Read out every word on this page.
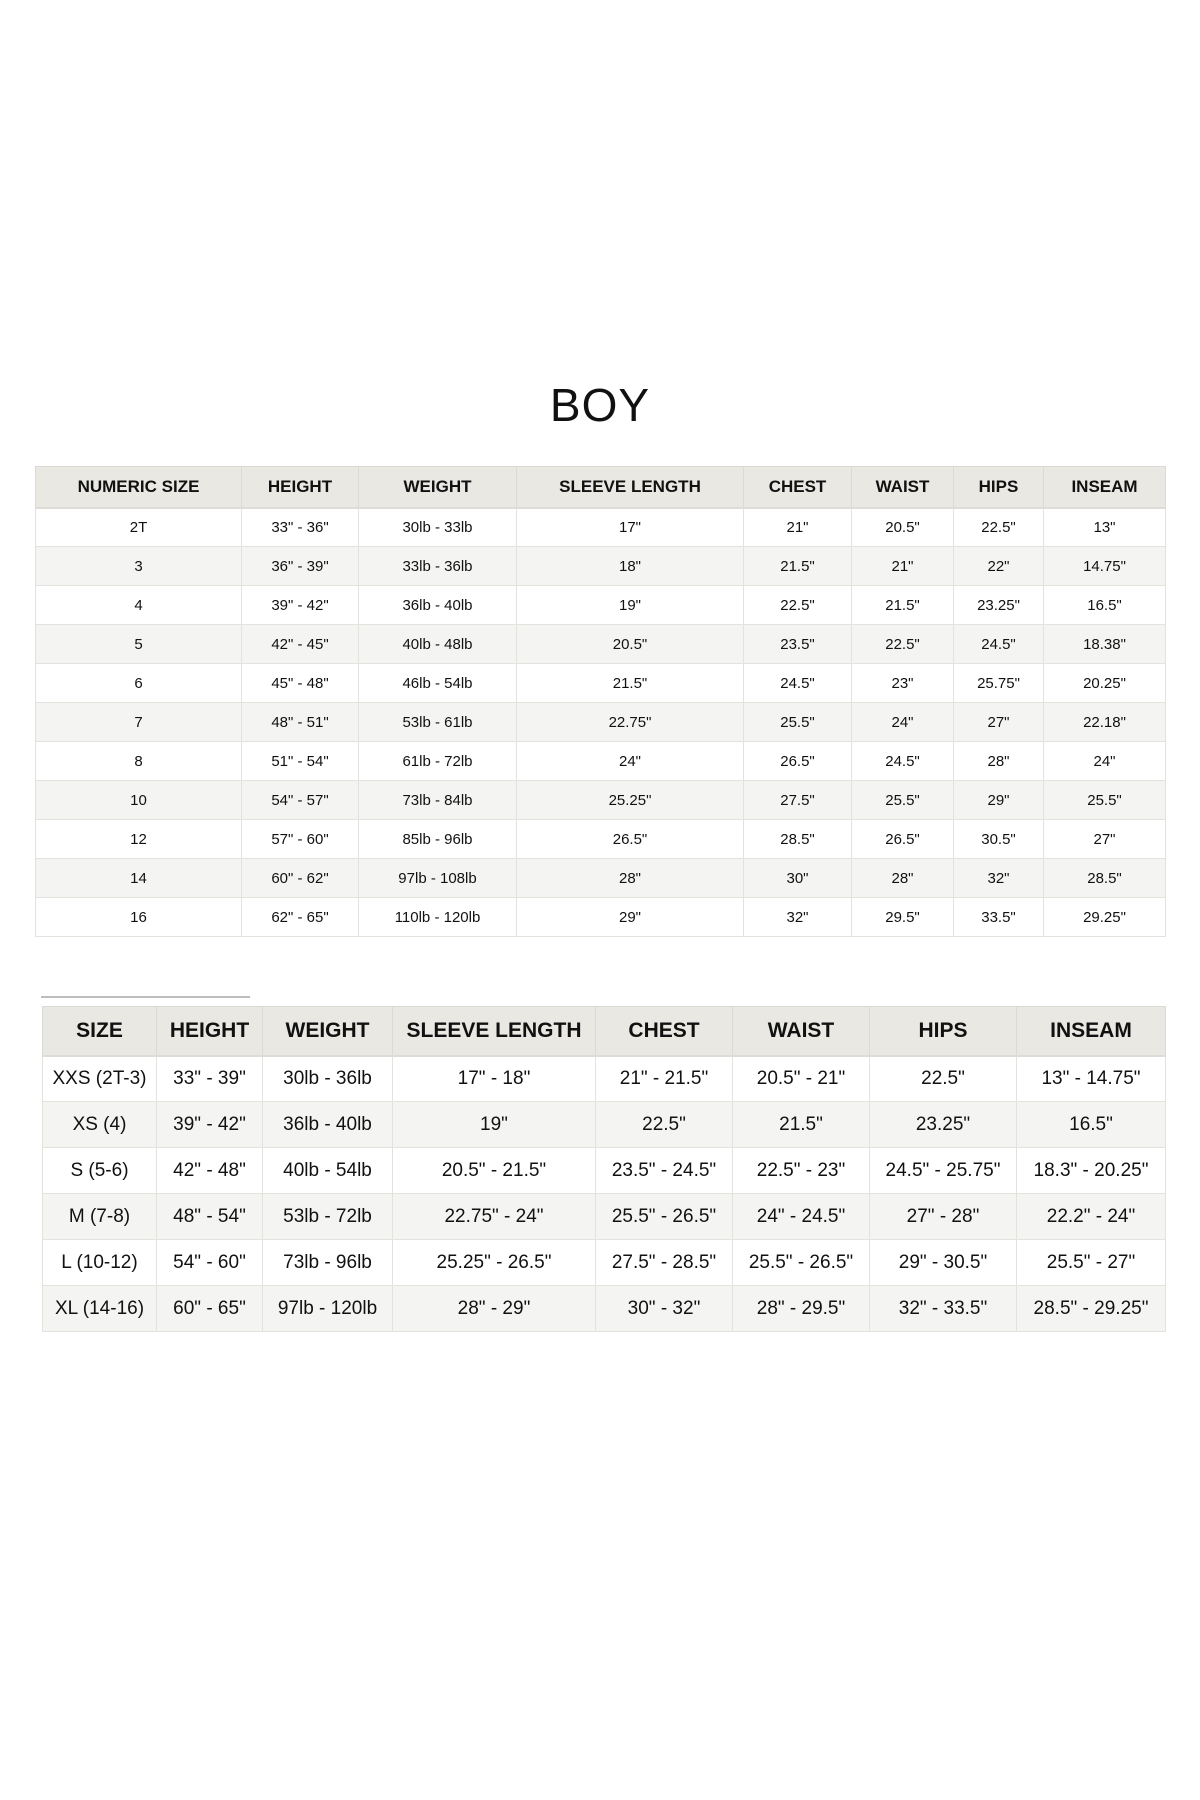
BOY
NUMERIC SIZE	HEIGHT	WEIGHT	SLEEVE LENGTH	CHEST	WAIST	HIPS	INSEAM
2T	33" - 36"	30lb - 33lb	17"	21"	20.5"	22.5"	13"
3	36" - 39"	33lb - 36lb	18"	21.5"	21"	22"	14.75"
4	39" - 42"	36lb - 40lb	19"	22.5"	21.5"	23.25"	16.5"
5	42" - 45"	40lb - 48lb	20.5"	23.5"	22.5"	24.5"	18.38"
6	45" - 48"	46lb - 54lb	21.5"	24.5"	23"	25.75"	20.25"
7	48" - 51"	53lb - 61lb	22.75"	25.5"	24"	27"	22.18"
8	51" - 54"	61lb - 72lb	24"	26.5"	24.5"	28"	24"
10	54" - 57"	73lb - 84lb	25.25"	27.5"	25.5"	29"	25.5"
12	57" - 60"	85lb - 96lb	26.5"	28.5"	26.5"	30.5"	27"
14	60" - 62"	97lb - 108lb	28"	30"	28"	32"	28.5"
16	62" - 65"	110lb - 120lb	29"	32"	29.5"	33.5"	29.25"
SIZE	HEIGHT	WEIGHT	SLEEVE LENGTH	CHEST	WAIST	HIPS	INSEAM
XXS (2T-3)	33" - 39"	30lb - 36lb	17" - 18"	21" - 21.5"	20.5" - 21"	22.5"	13" - 14.75"
XS (4)	39" - 42"	36lb - 40lb	19"	22.5"	21.5"	23.25"	16.5"
S (5-6)	42" - 48"	40lb - 54lb	20.5" - 21.5"	23.5" - 24.5"	22.5" - 23"	24.5" - 25.75"	18.3" - 20.25"
M (7-8)	48" - 54"	53lb - 72lb	22.75" - 24"	25.5" - 26.5"	24" - 24.5"	27" - 28"	22.2" - 24"
L (10-12)	54" - 60"	73lb - 96lb	25.25" - 26.5"	27.5" - 28.5"	25.5" - 26.5"	29" - 30.5"	25.5" - 27"
XL (14-16)	60" - 65"	97lb - 120lb	28" - 29"	30" - 32"	28" - 29.5"	32" - 33.5"	28.5" - 29.25"
